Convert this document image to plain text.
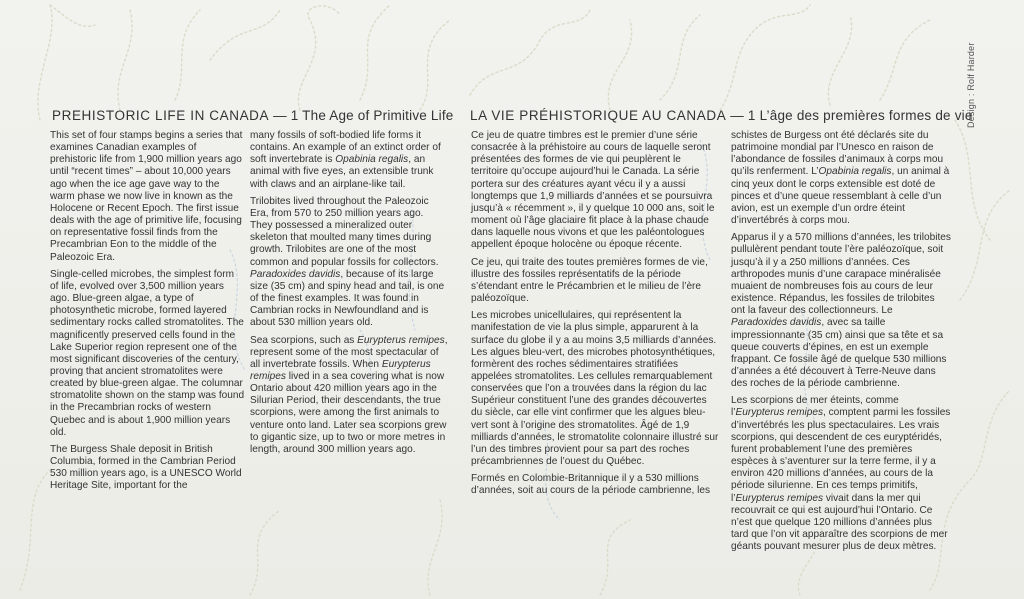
Design : Rolf Harder
PREHISTORIC LIFE IN CANADA — 1 The Age of Primitive Life LA VIE PRÉHISTORIQUE AU CANADA — 1 L’âge des premières formes de vie

This set of four stamps begins a series that examines Canadian examples of prehistoric life from 1,900 million years ago until “recent times” – about 10,000 years ago when the ice age gave way to the warm phase we now live in known as the Holocene or Recent Epoch. The first issue deals with the age of primitive life, focusing on representative fossil finds from the Precambrian Eon to the middle of the Paleozoic Era.

Single-celled microbes, the simplest form of life, evolved over 3,500 million years ago. Blue-green algae, a type of photosynthetic microbe, formed layered sedimentary rocks called stromatolites. The magnificently preserved cells found in the Lake Superior region represent one of the most significant discoveries of the century, proving that ancient stromatolites were created by blue-green algae. The columnar stromatolite shown on the stamp was found in the Precambrian rocks of western Quebec and is about 1,900 million years old.

The Burgess Shale deposit in British Columbia, formed in the Cambrian Period 530 million years ago, is a UNESCO World Heritage Site, important for the

many fossils of soft-bodied life forms it contains. An example of an extinct order of soft invertebrate is Opabinia regalis, an animal with five eyes, an extensible trunk with claws and an airplane-like tail.

Trilobites lived throughout the Paleozoic Era, from 570 to 250 million years ago. They possessed a mineralized outer skeleton that moulted many times during growth. Trilobites are one of the most common and popular fossils for collectors. Paradoxides davidis, because of its large size (35 cm) and spiny head and tail, is one of the finest examples. It was found in Cambrian rocks in Newfoundland and is about 530 million years old.

Sea scorpions, such as Eurypterus remipes, represent some of the most spectacular of all invertebrate fossils. When Eurypterus remipes lived in a sea covering what is now Ontario about 420 million years ago in the Silurian Period, their descendants, the true scorpions, were among the first animals to venture onto land. Later sea scorpions grew to gigantic size, up to two or more metres in length, around 300 million years ago.

Ce jeu de quatre timbres est le premier d’une série consacrée à la préhistoire au cours de laquelle seront présentées des formes de vie qui peuplèrent le territoire qu’occupe aujourd’hui le Canada. La série portera sur des créatures ayant vécu il y a aussi longtemps que 1,9 milliards d’années et se poursuivra jusqu’à « récemment », il y quelque 10 000 ans, soit le moment où l’âge glaciaire fit place à la phase chaude dans laquelle nous vivons et que les paléontologues appellent époque holocène ou époque récente.

Ce jeu, qui traite des toutes premières formes de vie, illustre des fossiles représentatifs de la période s’étendant entre le Précambrien et le milieu de l’ère paléozoïque.

Les microbes unicellulaires, qui représentent la manifestation de vie la plus simple, apparurent à la surface du globe il y a au moins 3,5 milliards d’années. Les algues bleu-vert, des microbes photosynthétiques, formèrent des roches sédimentaires stratifiées appelées stromatolites. Les cellules remarquablement conservées que l’on a trouvées dans la région du lac Supérieur constituent l’une des grandes découvertes du siècle, car elle vint confirmer que les algues bleu-vert sont à l’origine des stromatolites. Âgé de 1,9 milliards d’années, le stromatolite colonnaire illustré sur l’un des timbres provient pour sa part des roches précambriennes de l’ouest du Québec.

Formés en Colombie-Britannique il y a 530 millions d’années, soit au cours de la période cambrienne, les

schistes de Burgess ont été déclarés site du patrimoine mondial par l’Unesco en raison de l’abondance de fossiles d’animaux à corps mou qu’ils renferment. L’Opabinia regalis, un animal à cinq yeux dont le corps extensible est doté de pinces et d’une queue ressemblant à celle d’un avion, est un exemple d’un ordre éteint d’invertébrés à corps mou.

Apparus il y a 570 millions d’années, les trilobites pullulèrent pendant toute l’ère paléozoïque, soit jusqu’à il y a 250 millions d’années. Ces arthropodes munis d’une carapace minéralisée muaient de nombreuses fois au cours de leur existence. Répandus, les fossiles de trilobites ont la faveur des collectionneurs. Le Paradoxides davidis, avec sa taille impressionnante (35 cm) ainsi que sa tête et sa queue couverts d’épines, en est un exemple frappant. Ce fossile âgé de quelque 530 millions d’années a été découvert à Terre-Neuve dans des roches de la période cambrienne.

Les scorpions de mer éteints, comme l’Eurypterus remipes, comptent parmi les fossiles d’invertébrés les plus spectaculaires. Les vrais scorpions, qui descendent de ces euryptéridés, furent probablement l’une des premières espèces à s’aventurer sur la terre ferme, il y a environ 420 millions d’années, au cours de la période silurienne. En ces temps primitifs, l’Eurypterus remipes vivait dans la mer qui recouvrait ce qui est aujourd’hui l’Ontario. Ce n’est que quelque 120 millions d’années plus tard que l’on vit apparaître des scorpions de mer géants pouvant mesurer plus de deux mètres.
